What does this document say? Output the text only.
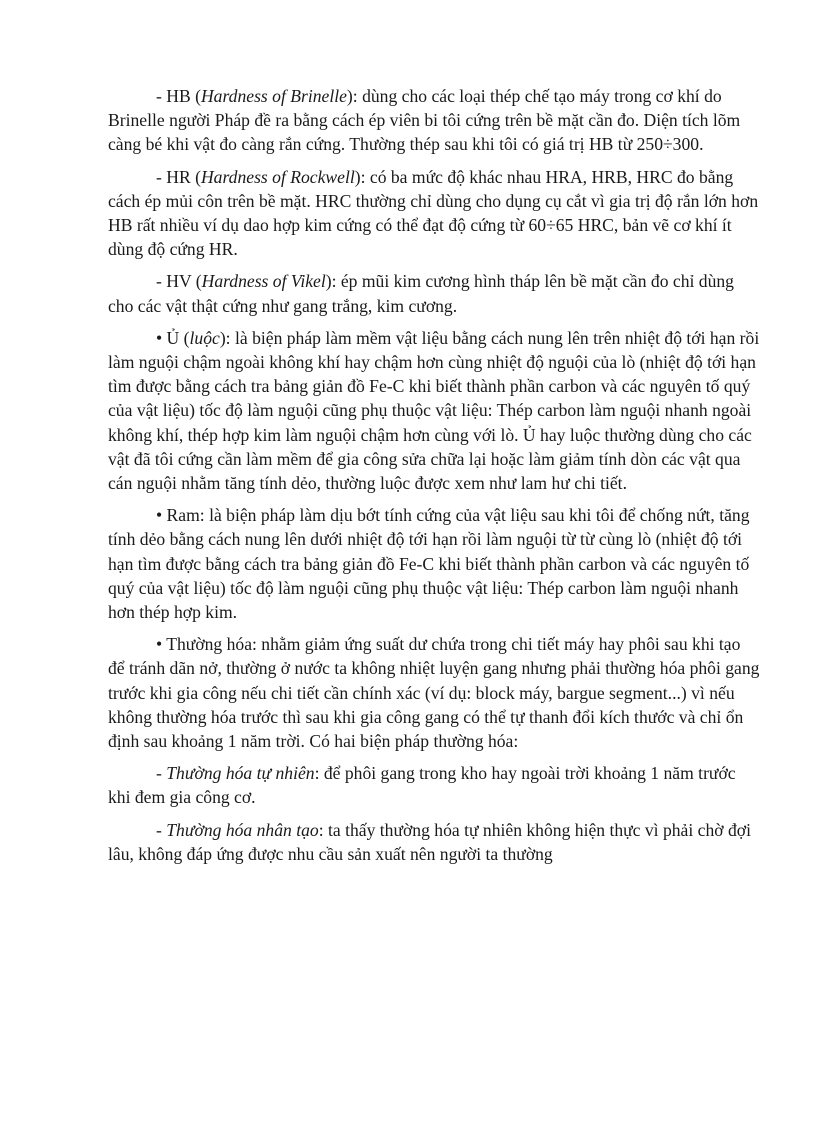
- HB (Hardness of Brinelle): dùng cho các loại thép chế tạo máy trong cơ khí do Brinelle người Pháp đề ra bằng cách ép viên bi tôi cứng trên bề mặt cần đo. Diện tích lõm càng bé khi vật đo càng rắn cứng. Thường thép sau khi tôi có giá trị HB từ 250÷300.

- HR (Hardness of Rockwell): có ba mức độ khác nhau HRA, HRB, HRC đo bằng cách ép mủi côn trên bề mặt. HRC thường chỉ dùng cho dụng cụ cắt vì gia trị độ rắn lớn hơn HB rất nhiều ví dụ dao hợp kim cứng có thể đạt độ cứng từ 60÷65 HRC, bản vẽ cơ khí ít dùng độ cứng HR.

- HV (Hardness of Vikel): ép mũi kim cương hình tháp lên bề mặt cần đo chỉ dùng cho các vật thật cứng như gang trắng, kim cương.

• Ủ (luộc): là biện pháp làm mềm vật liệu bằng cách nung lên trên nhiệt độ tới hạn rồi làm nguội chậm ngoài không khí hay chậm hơn cùng nhiệt độ nguội của lò (nhiệt độ tới hạn tìm được bằng cách tra bảng giản đồ Fe-C khi biết thành phần carbon và các nguyên tố quý của vật liệu) tốc độ làm nguội cũng phụ thuộc vật liệu: Thép carbon làm nguội nhanh ngoài không khí, thép hợp kim làm nguội chậm hơn cùng với lò. Ủ hay luộc thường dùng cho các vật đã tôi cứng cần làm mềm để gia công sửa chữa lại hoặc làm giảm tính dòn các vật qua cán nguội nhằm tăng tính dẻo, thường luộc được xem như lam hư chi tiết.

• Ram: là biện pháp làm dịu bớt tính cứng của vật liệu sau khi tôi để chống nứt, tăng tính dẻo bằng cách nung lên dưới nhiệt độ tới hạn rồi làm nguội từ từ cùng lò (nhiệt độ tới hạn tìm được bằng cách tra bảng giản đồ Fe-C khi biết thành phần carbon và các nguyên tố quý của vật liệu) tốc độ làm nguội cũng phụ thuộc vật liệu: Thép carbon làm nguội nhanh hơn thép hợp kim.

• Thường hóa: nhằm giảm ứng suất dư chứa trong chi tiết máy hay phôi sau khi tạo để tránh dãn nở, thường ở nước ta không nhiệt luyện gang nhưng phải thường hóa phôi gang trước khi gia công nếu chi tiết cần chính xác (ví dụ: block máy, bargue segment...) vì nếu không thường hóa trước thì sau khi gia công gang có thể tự thanh đổi kích thước và chỉ ổn định sau khoảng 1 năm trời. Có hai biện pháp thường hóa:

- Thường hóa tự nhiên: để phôi gang trong kho hay ngoài trời khoảng 1 năm trước khi đem gia công cơ.

- Thường hóa nhân tạo: ta thấy thường hóa tự nhiên không hiện thực vì phải chờ đợi lâu, không đáp ứng được nhu cầu sản xuất nên người ta thường
